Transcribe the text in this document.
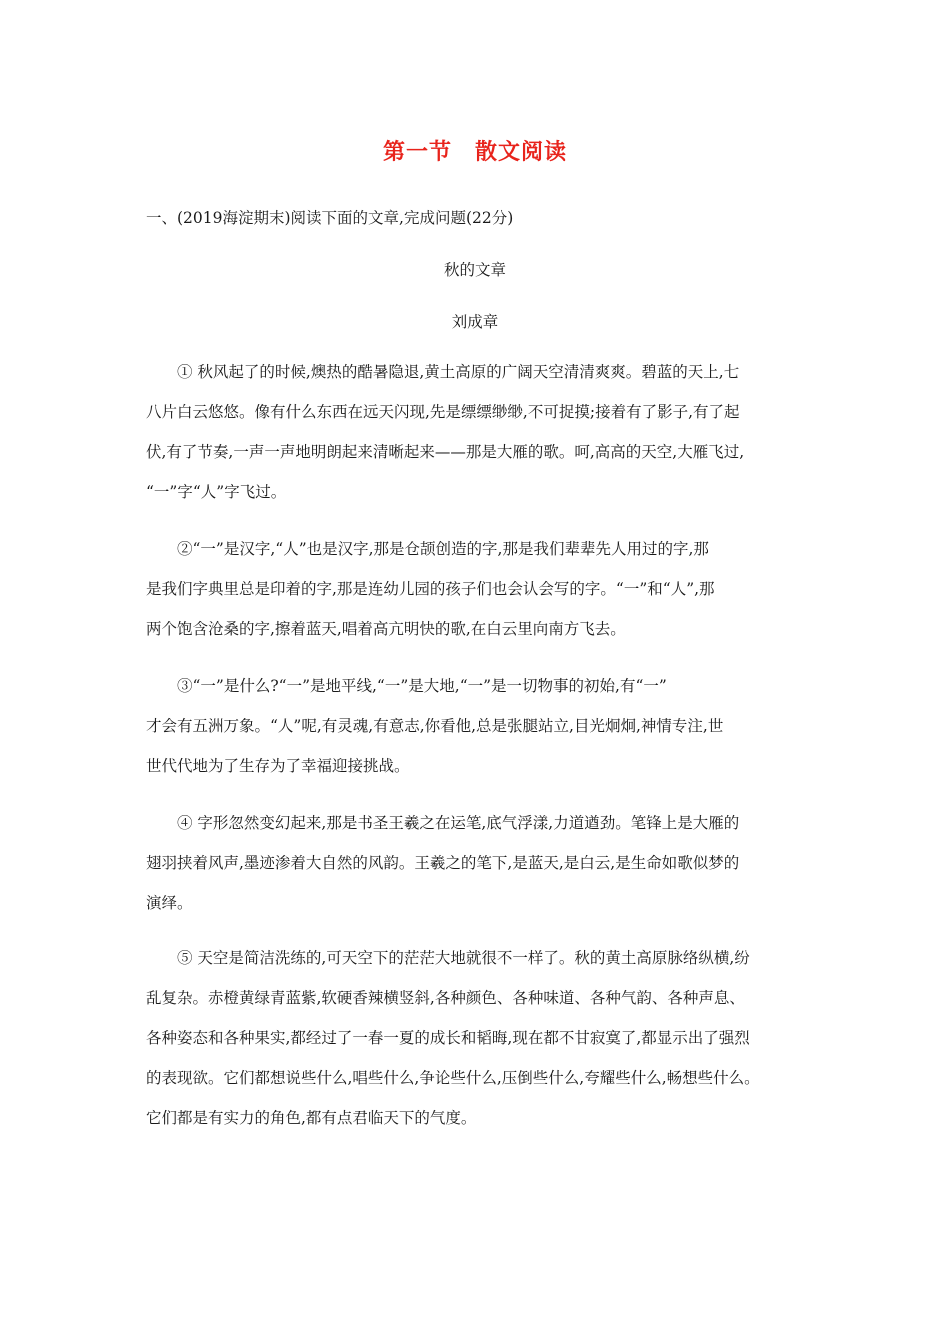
第一节　散文阅读
一、(2019海淀期末)阅读下面的文章,完成问题(22分)
秋的文章
刘成章
① 秋风起了的时候,燠热的酷暑隐退,黄土高原的广阔天空清清爽爽。碧蓝的天上,七
八片白云悠悠。像有什么东西在远天闪现,先是缥缥缈缈,不可捉摸;接着有了影子,有了起
伏,有了节奏,一声一声地明朗起来清晰起来——那是大雁的歌。呵,高高的天空,大雁飞过,
“一”字“人”字飞过。
②“一”是汉字,“人”也是汉字,那是仓颉创造的字,那是我们辈辈先人用过的字,那
是我们字典里总是印着的字,那是连幼儿园的孩子们也会认会写的字。“一”和“人”,那
两个饱含沧桑的字,擦着蓝天,唱着高亢明快的歌,在白云里向南方飞去。
③“一”是什么?“一”是地平线,“一”是大地,“一”是一切物事的初始,有“一”
才会有五洲万象。“人”呢,有灵魂,有意志,你看他,总是张腿站立,目光炯炯,神情专注,世
世代代地为了生存为了幸福迎接挑战。
④ 字形忽然变幻起来,那是书圣王羲之在运笔,底气浮漾,力道遒劲。笔锋上是大雁的
翅羽挟着风声,墨迹渗着大自然的风韵。王羲之的笔下,是蓝天,是白云,是生命如歌似梦的
演绎。
⑤ 天空是简洁洗练的,可天空下的茫茫大地就很不一样了。秋的黄土高原脉络纵横,纷
乱复杂。赤橙黄绿青蓝紫,软硬香辣横竖斜,各种颜色、各种味道、各种气韵、各种声息、
各种姿态和各种果实,都经过了一春一夏的成长和韬晦,现在都不甘寂寞了,都显示出了强烈
的表现欲。它们都想说些什么,唱些什么,争论些什么,压倒些什么,夸耀些什么,畅想些什么。
它们都是有实力的角色,都有点君临天下的气度。
